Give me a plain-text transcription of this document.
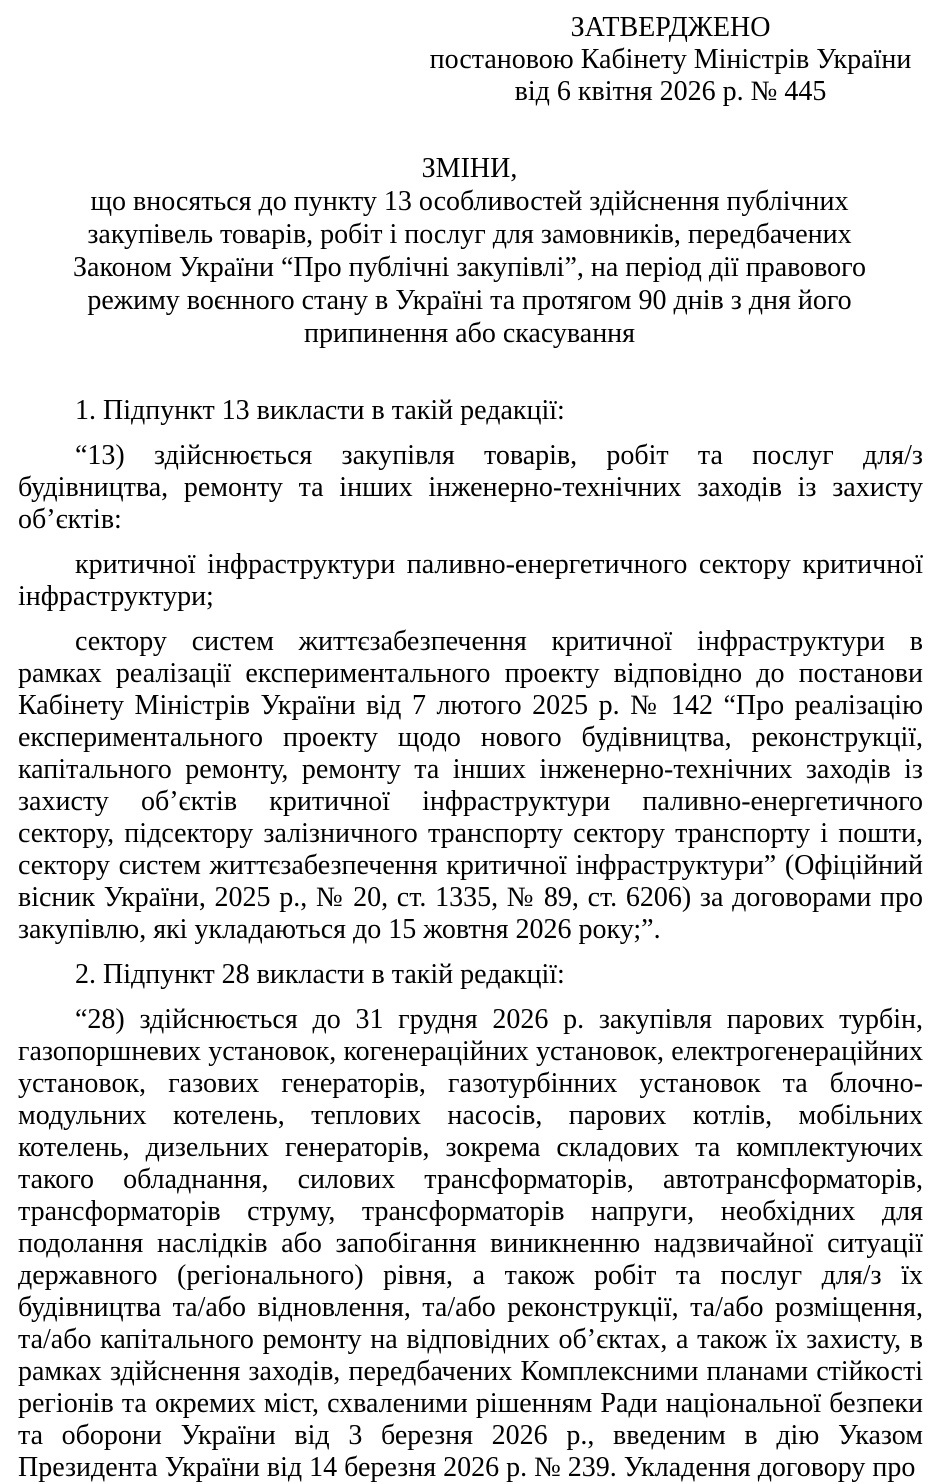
ЗАТВЕРДЖЕНО
постановою Кабінету Міністрів України
від 6 квітня 2026 р. № 445
ЗМІНИ,
що вносяться до пункту 13 особливостей здійснення публічних закупівель товарів, робіт і послуг для замовників, передбачених Законом України “Про публічні закупівлі”, на період дії правового режиму воєнного стану в Україні та протягом 90 днів з дня його припинення або скасування

1. Підпункт 13 викласти в такій редакції:

“13) здійснюється закупівля товарів, робіт та послуг для/з будівництва, ремонту та інших інженерно-технічних заходів із захисту об’єктів:

критичної інфраструктури паливно-енергетичного сектору критичної інфраструктури;

сектору систем життєзабезпечення критичної інфраструктури в рамках реалізації експериментального проекту відповідно до постанови Кабінету Міністрів України від 7 лютого 2025 р. № 142 “Про реалізацію експериментального проекту щодо нового будівництва, реконструкції, капітального ремонту, ремонту та інших інженерно-технічних заходів із захисту об’єктів критичної інфраструктури паливно-енергетичного сектору, підсектору залізничного транспорту сектору транспорту і пошти, сектору систем життєзабезпечення критичної інфраструктури” (Офіційний вісник України, 2025 р., № 20, ст. 1335, № 89, ст. 6206) за договорами про закупівлю, які укладаються до 15 жовтня 2026 року;”.

2. Підпункт 28 викласти в такій редакції:

“28) здійснюється до 31 грудня 2026 р. закупівля парових турбін, газопоршневих установок, когенераційних установок, електрогенераційних установок, газових генераторів, газотурбінних установок та блочно-модульних котелень, теплових насосів, парових котлів, мобільних котелень, дизельних генераторів, зокрема складових та комплектуючих такого обладнання, силових трансформаторів, автотрансформаторів, трансформаторів струму, трансформаторів напруги, необхідних для подолання наслідків або запобігання виникненню надзвичайної ситуації державного (регіонального) рівня, а також робіт та послуг для/з їх будівництва та/або відновлення, та/або реконструкції, та/або розміщення, та/або капітального ремонту на відповідних об’єктах, а також їх захисту, в рамках здійснення заходів, передбачених Комплексними планами стійкості регіонів та окремих міст, схваленими рішенням Ради національної безпеки та оборони України від 3 березня 2026 р., введеним в дію Указом Президента України від 14 березня 2026 р. № 239. Укладення договору про
